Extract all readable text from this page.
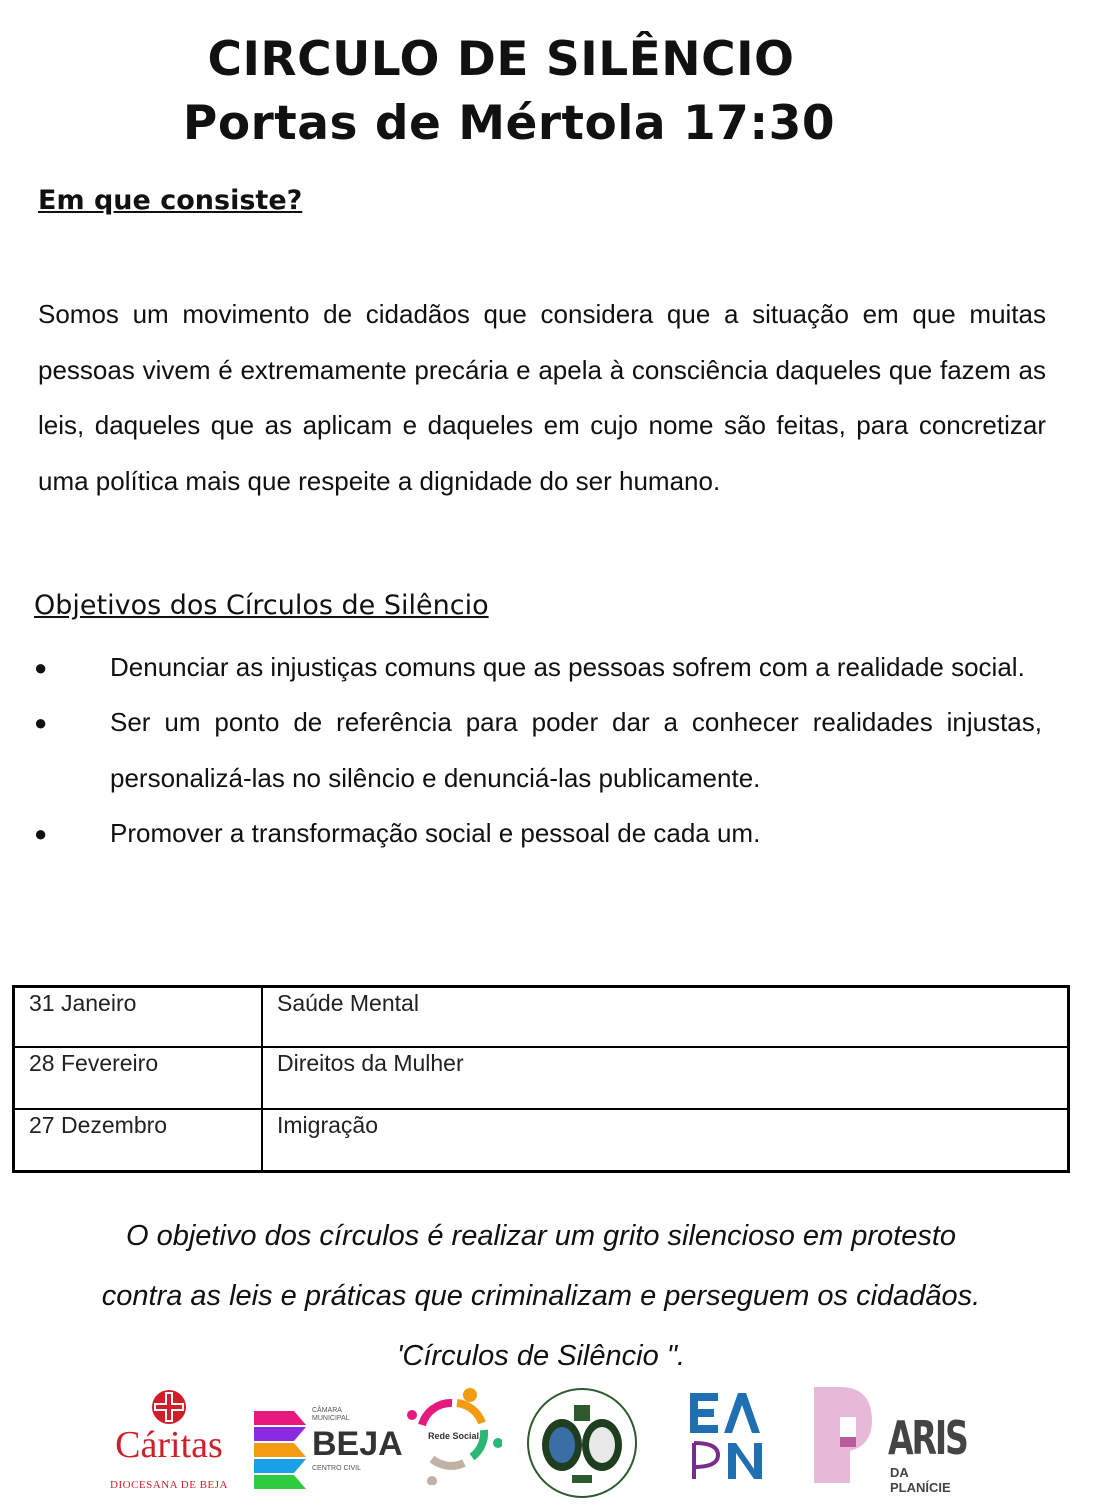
CIRCULO DE SILÊNCIO
Portas de Mértola 17:30
Em que consiste?

Somos um movimento de cidadãos que considera que a situação em que muitas pessoas vivem é extremamente precária e apela à consciência daqueles que fazem as leis, daqueles que as aplicam e daqueles em cujo nome são feitas, para concretizar uma política mais que respeite a dignidade do ser humano.

Objetivos dos Círculos de Silêncio
● Denunciar as injustiças comuns que as pessoas sofrem com a realidade social.
● Ser um ponto de referência para poder dar a conhecer realidades injustas, personalizá-las no silêncio e denunciá-las publicamente.
● Promover a transformação social e pessoal de cada um.
31 Janeiro	Saúde Mental
28 Fevereiro	Direitos da Mulher
27 Dezembro	Imigração
O objetivo dos círculos é realizar um grito silencioso em protesto
contra as leis e práticas que criminalizam e perseguem os cidadãos.
'Círculos de Silêncio ".
Cáritas
DIOCESANA DE BEJA
CÂMARA MUNICIPAL
BEJA
CENTRO CIVIL
Rede Social	ARIS
DA PLANÍCIE
